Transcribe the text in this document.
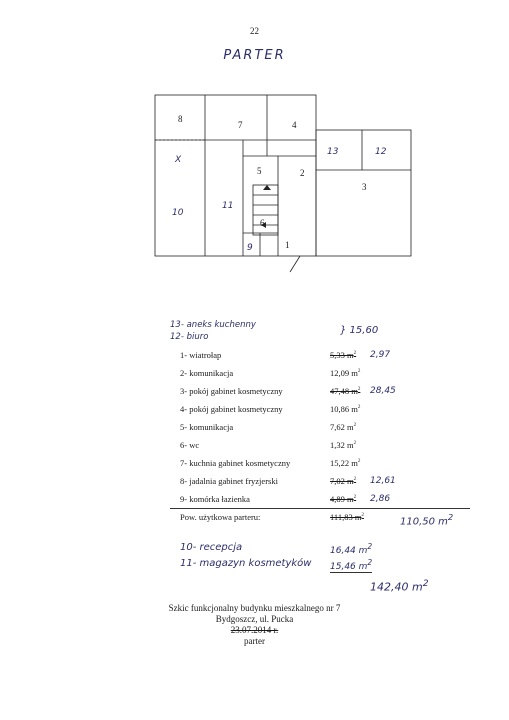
22
PARTER
8
7	4
13	12
5	2
3
10
11
6
9	1
X
13- aneks kuchenny
12- biuro
} 15,60
1- wiatrołap	5,33 $m^2$ 2,97
2- komunikacja	12,09 $m^2$
3- pokój gabinet kosmetyczny	47,48 $m^2$ 28,45
4- pokój gabinet kosmetyczny	10,86 $m^2$
5- komunikacja	7,62 $m^2$
6- wc	1,32 $m^2$
7- kuchnia gabinet kosmetyczny	15,22 $m^2$
8- jadalnia gabinet fryzjerski	7,02 $m^2$ 12,61
9- komórka łazienka	4,89 $m^2$ 2,86
Pow. użytkowa parteru:	111,83 $m^2$
110,50 $m^2$
10- recepcja	16,44 $m^2$
11- magazyn kosmetyków 15,46 $m^2$
142,40 $m^2$
Szkic funkcjonalny budynku mieszkalnego nr 7
Bydgoszcz, ul. Pucka
23.07.2014 r.
parter
